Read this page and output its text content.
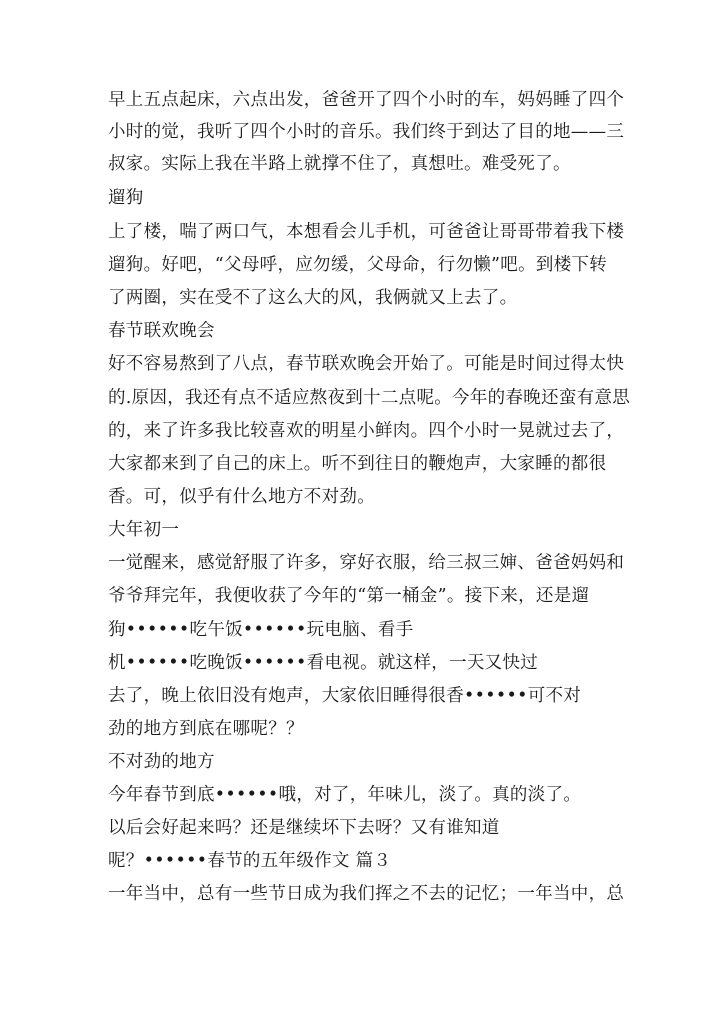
早上五点起床，六点出发，爸爸开了四个小时的车，妈妈睡了四个
小时的觉，我听了四个小时的音乐。我们终于到达了目的地——三
叔家。实际上我在半路上就撑不住了，真想吐。难受死了。
遛狗
上了楼，喘了两口气，本想看会儿手机，可爸爸让哥哥带着我下楼
遛狗。好吧，“父母呼，应勿缓，父母命，行勿懒”吧。到楼下转
了两圈，实在受不了这么大的风，我俩就又上去了。
春节联欢晚会
好不容易熬到了八点，春节联欢晚会开始了。可能是时间过得太快
的.原因，我还有点不适应熬夜到十二点呢。今年的春晚还蛮有意思
的，来了许多我比较喜欢的明星小鲜肉。四个小时一晃就过去了，
大家都来到了自己的床上。听不到往日的鞭炮声，大家睡的都很
香。可，似乎有什么地方不对劲。
大年初一
一觉醒来，感觉舒服了许多，穿好衣服，给三叔三婶、爸爸妈妈和
爷爷拜完年，我便收获了今年的“第一桶金”。接下来，还是遛
狗••••••吃午饭••••••玩电脑、看手
机••••••吃晚饭••••••看电视。就这样，一天又快过
去了，晚上依旧没有炮声，大家依旧睡得很香••••••可不对
劲的地方到底在哪呢？？
不对劲的地方
今年春节到底••••••哦，对了，年味儿，淡了。真的淡了。
以后会好起来吗？还是继续坏下去呀？又有谁知道
呢？••••••春节的五年级作文 篇３
一年当中，总有一些节日成为我们挥之不去的记忆；一年当中，总
